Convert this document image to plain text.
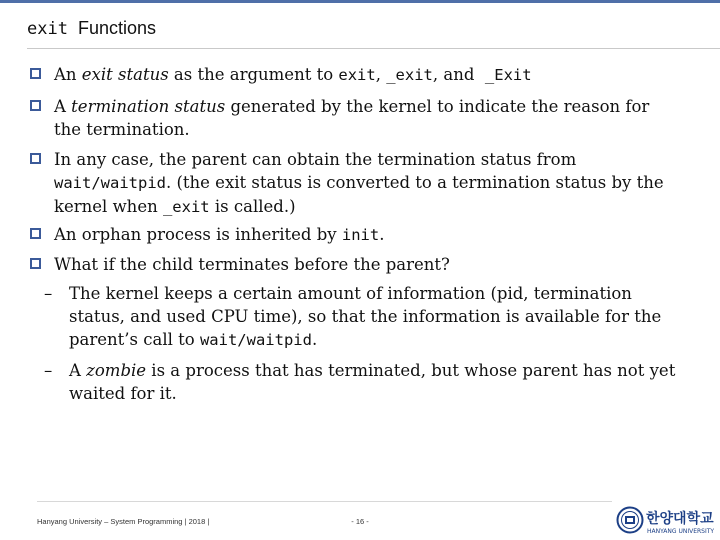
exit Functions
An exit status as the argument to exit, _exit, and  _Exit
A termination status generated by the kernel to indicate the reason for the termination.
In any case, the parent can obtain the termination status from wait/waitpid. (the exit status is converted to a termination status by the kernel when _exit is called.)
An orphan process is inherited by init.
What if the child terminates before the parent?
– The kernel keeps a certain amount of information (pid, termination status, and used CPU time), so that the information is available for the parent’s call to wait/waitpid.
– A zombie is a process that has terminated, but whose parent has not yet waited for it.
Hanyang University – System Programming | 2018 |	- 16 -	한양대학교
HANYANG UNIVERSITY
